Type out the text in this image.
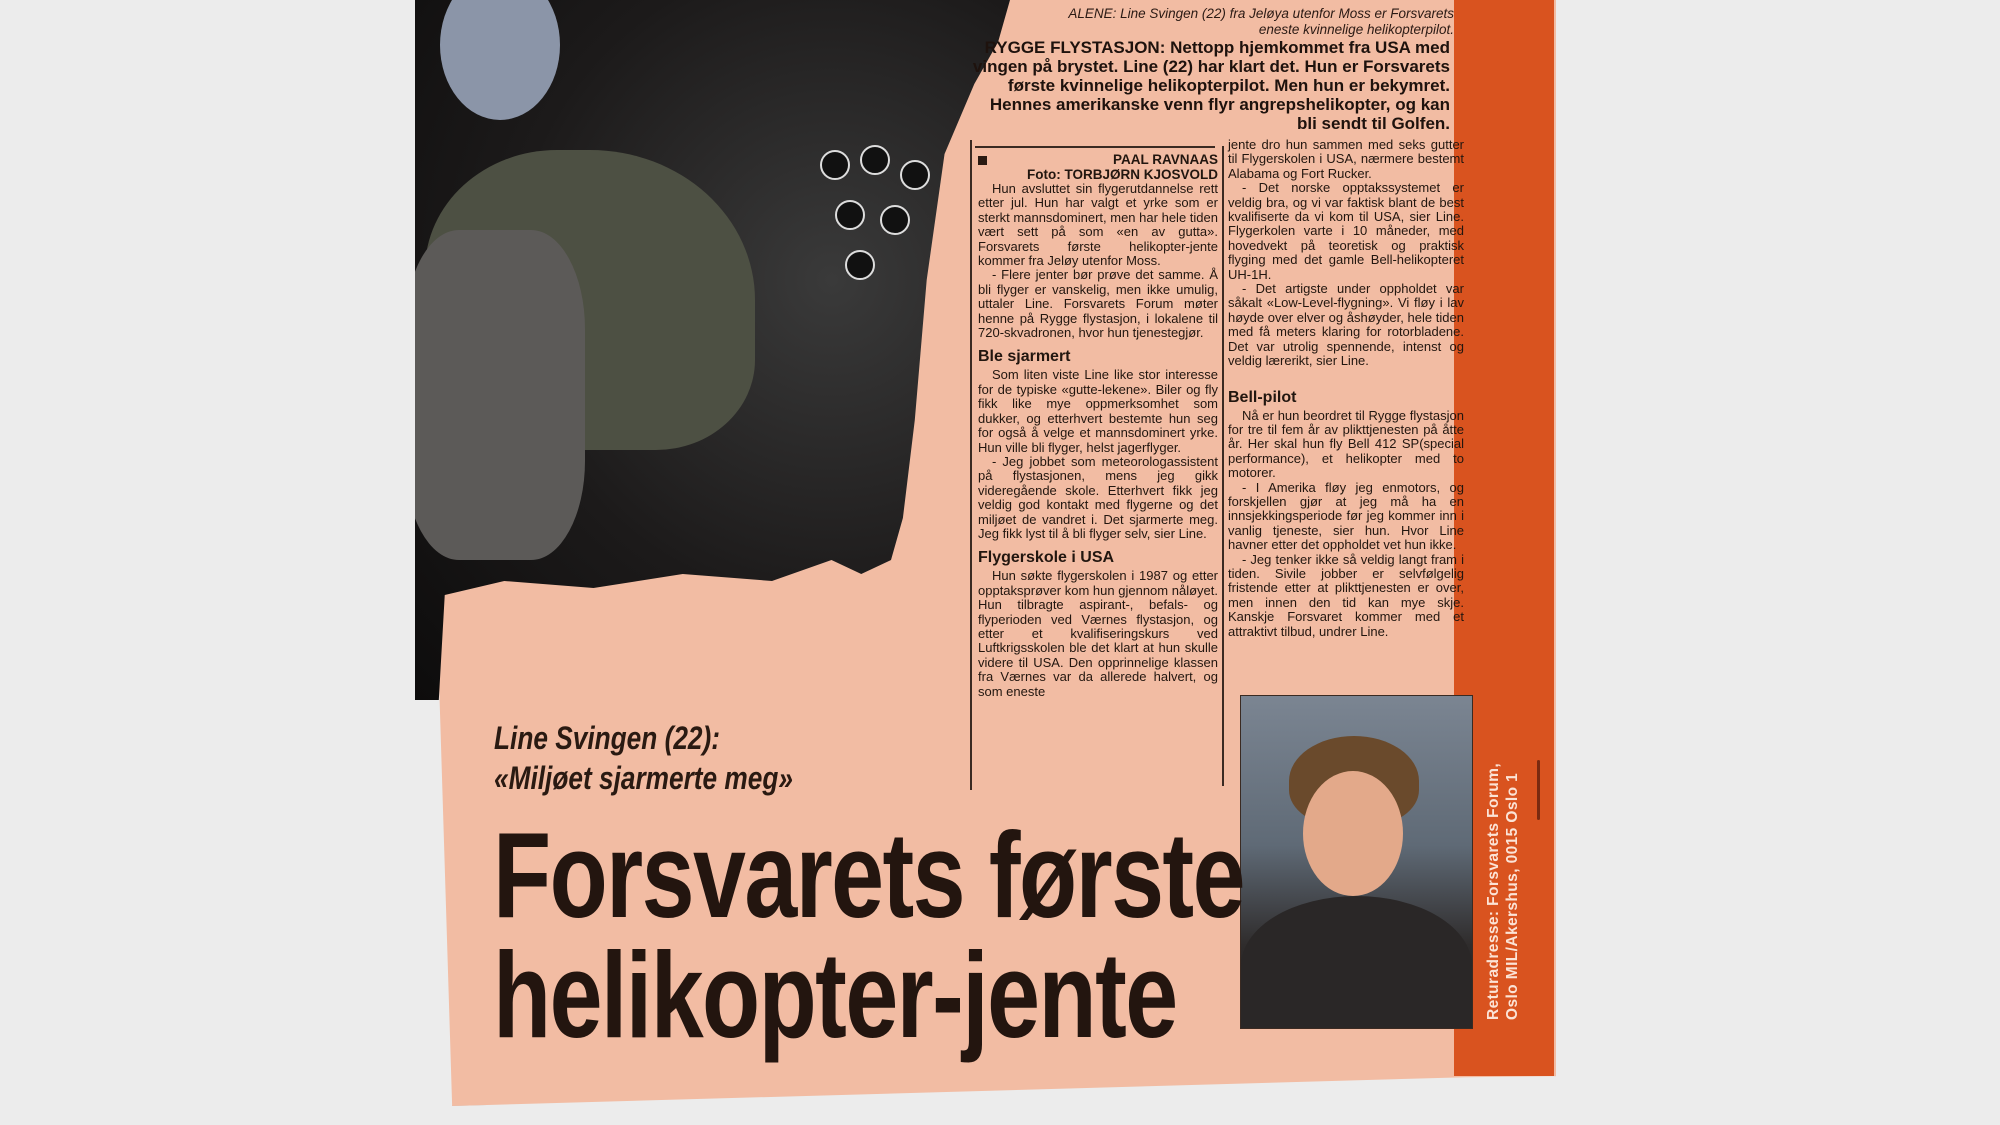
Returadresse: Forsvarets Forum, Oslo MIL/Akershus, 0015 Oslo 1
ALENE: Line Svingen (22) fra Jeløya utenfor Moss er Forsvarets eneste kvinnelige helikopterpilot.
RYGGE FLYSTASJON: Nettopp hjemkommet fra USA med vingen på brystet. Line (22) har klart det. Hun er Forsvarets første kvinnelige helikopterpilot. Men hun er bekymret. Hennes amerikanske venn flyr angrepshelikopter, og kan bli sendt til Golfen.
PAAL RAVNAAS
Foto: TORBJØRN KJOSVOLD

Hun avsluttet sin flygerutdannelse rett etter jul. Hun har valgt et yrke som er sterkt mannsdominert, men har hele tiden vært sett på som «en av gutta». Forsvarets første helikopter-jente kommer fra Jeløy utenfor Moss.

- Flere jenter bør prøve det samme. Å bli flyger er vanskelig, men ikke umulig, uttaler Line. Forsvarets Forum møter henne på Rygge flystasjon, i lokalene til 720-skvadronen, hvor hun tjenestegjør.

Ble sjarmert

Som liten viste Line like stor interesse for de typiske «gutte-lekene». Biler og fly fikk like mye oppmerksomhet som dukker, og etterhvert bestemte hun seg for også å velge et mannsdominert yrke. Hun ville bli flyger, helst jagerflyger.

- Jeg jobbet som meteorologassistent på flystasjonen, mens jeg gikk videregående skole. Etterhvert fikk jeg veldig god kontakt med flygerne og det miljøet de vandret i. Det sjarmerte meg. Jeg fikk lyst til å bli flyger selv, sier Line.

Flygerskole i USA

Hun søkte flygerskolen i 1987 og etter opptaksprøver kom hun gjennom nåløyet. Hun tilbragte aspirant-, befals- og flyperioden ved Værnes flystasjon, og etter et kvalifiseringskurs ved Luftkrigsskolen ble det klart at hun skulle videre til USA. Den opprinnelige klassen fra Værnes var da allerede halvert, og som eneste

jente dro hun sammen med seks gutter til Flygerskolen i USA, nærmere bestemt Alabama og Fort Rucker.

- Det norske opptakssystemet er veldig bra, og vi var faktisk blant de best kvalifiserte da vi kom til USA, sier Line. Flygerkolen varte i 10 måneder, med hovedvekt på teoretisk og praktisk flyging med det gamle Bell-helikopteret UH-1H.

- Det artigste under oppholdet var såkalt «Low-Level-flygning». Vi fløy i lav høyde over elver og åshøyder, hele tiden med få meters klaring for rotorbladene. Det var utrolig spennende, intenst og veldig lærerikt, sier Line.

Bell-pilot

Nå er hun beordret til Rygge flystasjon for tre til fem år av plikttjenesten på åtte år. Her skal hun fly Bell 412 SP(special performance), et helikopter med to motorer.

- I Amerika fløy jeg enmotors, og forskjellen gjør at jeg må ha en innsjekkingsperiode før jeg kommer inn i vanlig tjeneste, sier hun. Hvor Line havner etter det oppholdet vet hun ikke.

- Jeg tenker ikke så veldig langt fram i tiden. Sivile jobber er selvfølgelig fristende etter at plikttjenesten er over, men innen den tid kan mye skje. Kanskje Forsvaret kommer med et attraktivt tilbud, undrer Line.

Line Svingen (22):
«Miljøet sjarmerte meg»
Forsvarets første
helikopter-jente
